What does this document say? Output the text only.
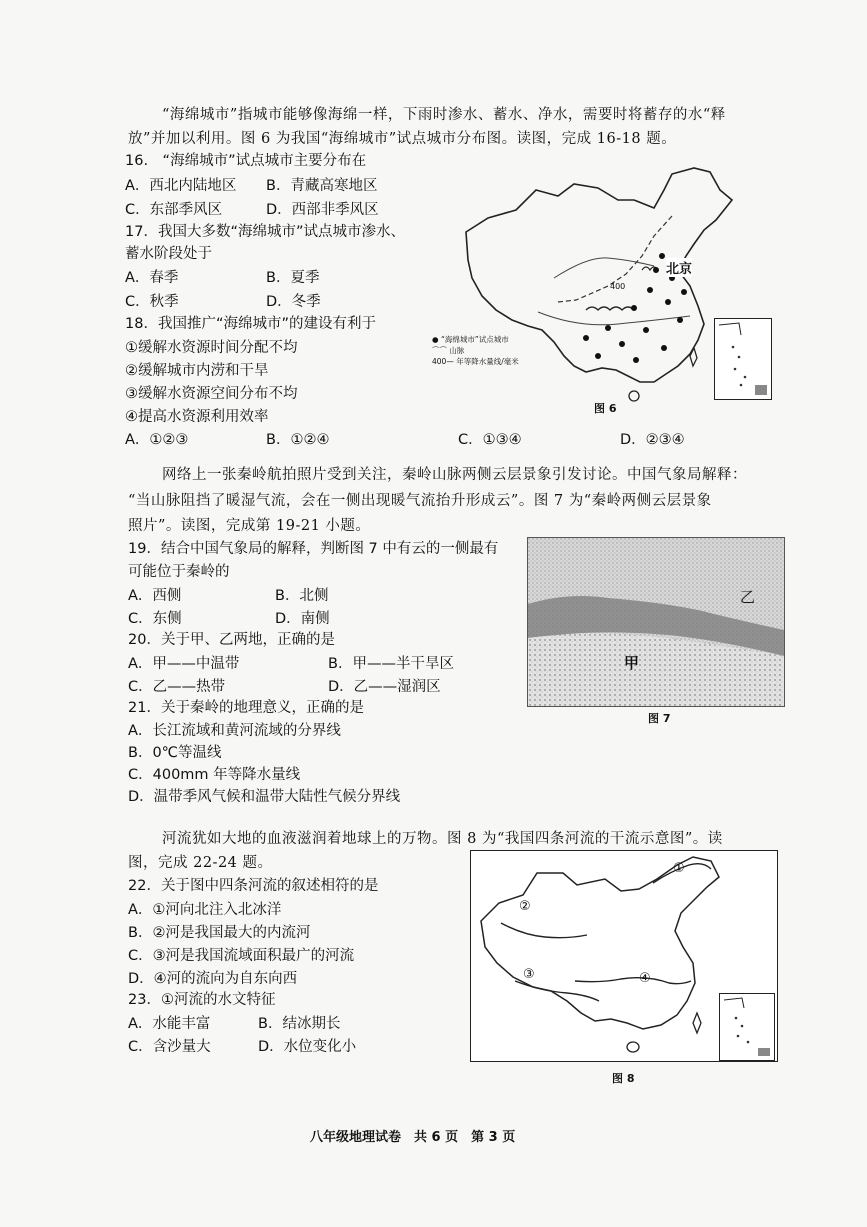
“海绵城市”指城市能够像海绵一样，下雨时渗水、蓄水、净水，需要时将蓄存的水“释
放”并加以利用。图 6 为我国“海绵城市”试点城市分布图。读图，完成 16-18 题。
16.　“海绵城市”试点城市主要分布在
A．西北内陆地区 B．青藏高寒地区
C．东部季风区	D．西部非季风区
17．我国大多数“海绵城市”试点城市渗水、
蓄水阶段处于
A．春季	B．夏季
C．秋季	D．冬季
18．我国推广“海绵城市”的建设有利于
①缓解水资源时间分配不均
②缓解城市内涝和干旱
③缓解水资源空间分布不均
④提高水资源利用效率
A．①②③	B．①②④	C．①③④	D．②③④
北京
400
● “海绵城市”试点城市
⌒⌒ 山脉
400— 年等降水量线/毫米
图 6
网络上一张秦岭航拍照片受到关注，秦岭山脉两侧云层景象引发讨论。中国气象局解释：
“当山脉阻挡了暖湿气流，会在一侧出现暖气流抬升形成云”。图 7 为“秦岭两侧云层景象
照片”。读图，完成第 19-21 小题。
19．结合中国气象局的解释，判断图 7 中有云的一侧最有
可能位于秦岭的
A．西侧	B．北侧
C．东侧	D．南侧
20．关于甲、乙两地，正确的是
A．甲——中温带	B．甲——半干旱区
C．乙——热带	D．乙——湿润区
21．关于秦岭的地理意义，正确的是
A．长江流域和黄河流域的分界线
B．0℃等温线
C．400mm 年等降水量线
D．温带季风气候和温带大陆性气候分界线
乙
甲
图 7
河流犹如大地的血液滋润着地球上的万物。图 8 为“我国四条河流的干流示意图”。读
图，完成 22-24 题。
22．关于图中四条河流的叙述相符的是
A．①河向北注入北冰洋
B．②河是我国最大的内流河
C．③河是我国流域面积最广的河流
D．④河的流向为自东向西
23．①河流的水文特征
A．水能丰富	B．结冰期长
C．含沙量大	D．水位变化小
①
②
③	④
图 8
八年级地理试卷　共 6 页　第 3 页
